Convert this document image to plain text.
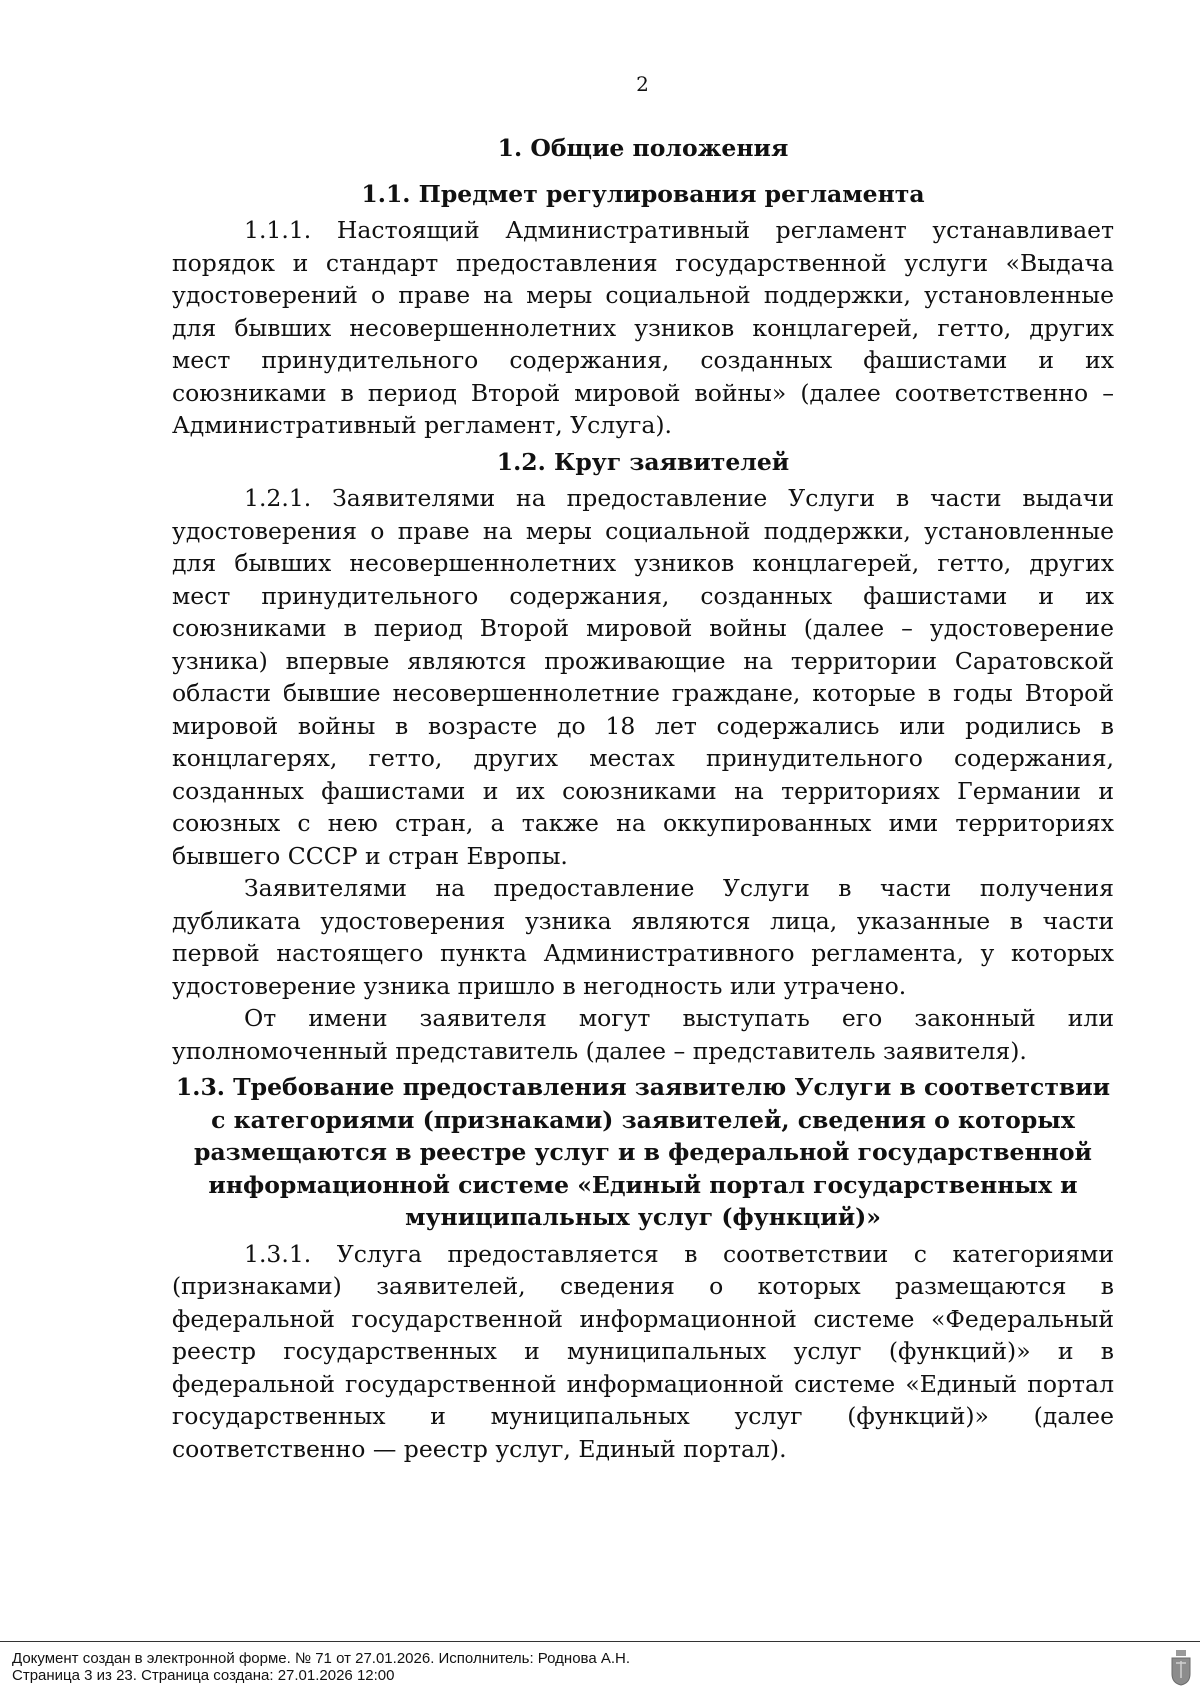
2
1. Общие положения
1.1. Предмет регулирования регламента

1.1.1. Настоящий Административный регламент устанавливает порядок и стандарт предоставления государственной услуги «Выдача удостоверений о праве на меры социальной поддержки, установленные для бывших несовершеннолетних узников концлагерей, гетто, других мест принудительного содержания, созданных фашистами и их союзниками в период Второй мировой войны» (далее соответственно – Административный регламент, Услуга).

1.2. Круг заявителей

1.2.1. Заявителями на предоставление Услуги в части выдачи удостоверения о праве на меры социальной поддержки, установленные для бывших несовершеннолетних узников концлагерей, гетто, других мест принудительного содержания, созданных фашистами и их союзниками в период Второй мировой войны (далее – удостоверение узника) впервые являются проживающие на территории Саратовской области бывшие несовершеннолетние граждане, которые в годы Второй мировой войны в возрасте до 18 лет содержались или родились в концлагерях, гетто, других местах принудительного содержания, созданных фашистами и их союзниками на территориях Германии и союзных с нею стран, а также на оккупированных ими территориях бывшего СССР и стран Европы.

Заявителями на предоставление Услуги в части получения дубликата удостоверения узника являются лица, указанные в части первой настоящего пункта Административного регламента, у которых удостоверение узника пришло в негодность или утрачено.

От имени заявителя могут выступать его законный или уполномоченный представитель (далее – представитель заявителя).

1.3. Требование предоставления заявителю Услуги в соответствии с категориями (признаками) заявителей, сведения о которых размещаются в реестре услуг и в федеральной государственной информационной системе «Единый портал государственных и муниципальных услуг (функций)»

1.3.1. Услуга предоставляется в соответствии с категориями (признаками) заявителей, сведения о которых размещаются в федеральной государственной информационной системе «Федеральный реестр государственных и муниципальных услуг (функций)» и в федеральной государственной информационной системе «Единый портал государственных и муниципальных услуг (функций)» (далее соответственно — реестр услуг, Единый портал).

Документ создан в электронной форме. № 71 от 27.01.2026. Исполнитель: Роднова А.Н.
Страница 3 из 23. Страница создана: 27.01.2026 12:00
